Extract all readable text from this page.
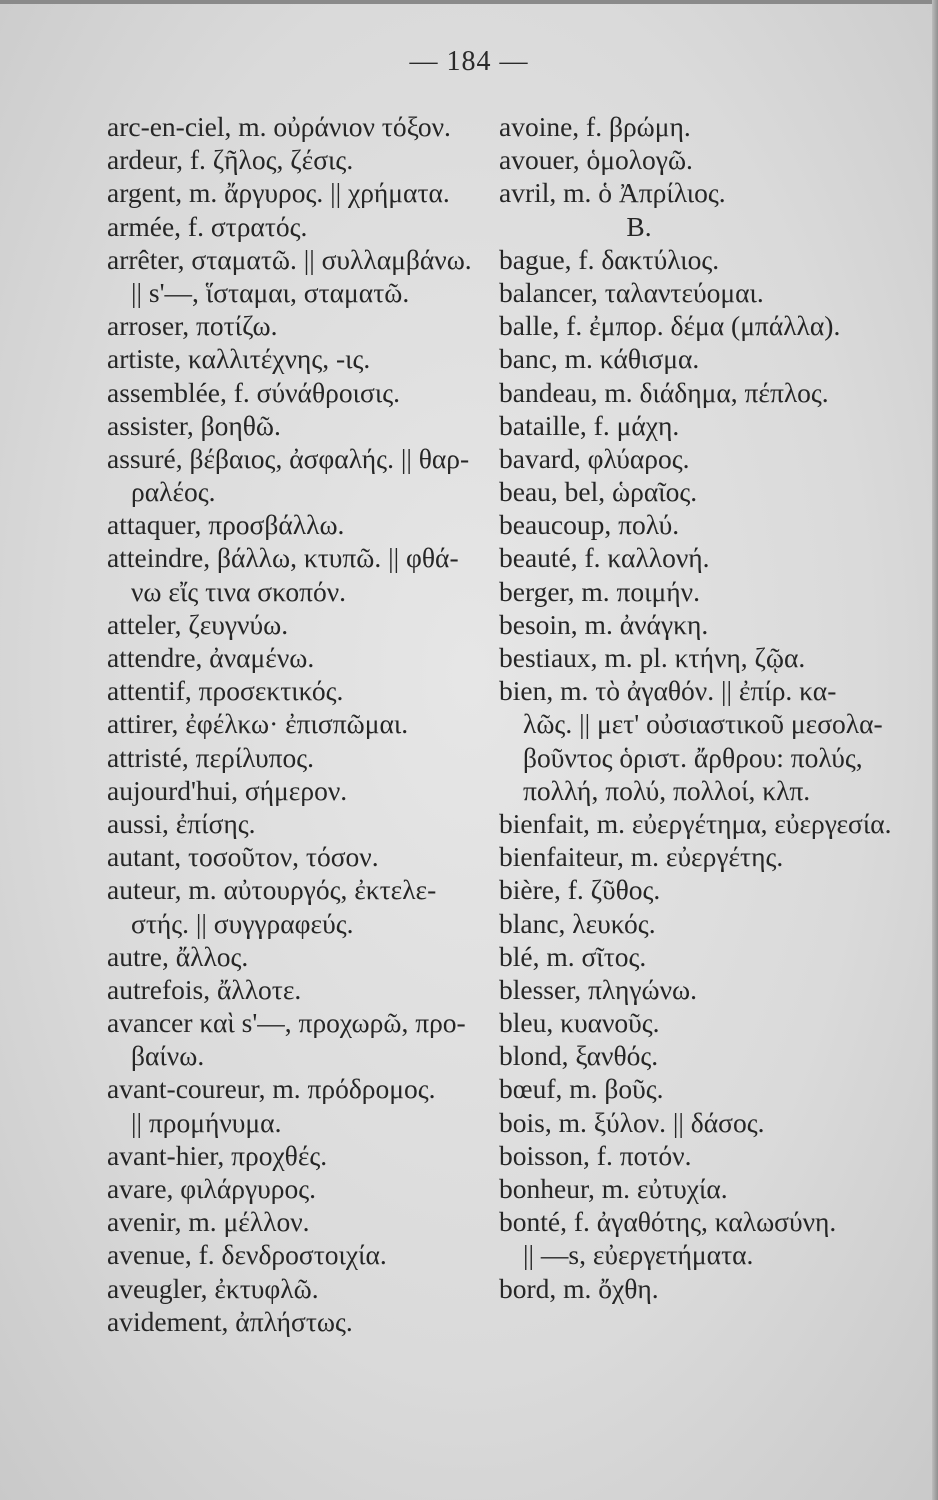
— 184 —
arc-en-ciel, m. οὐράνιον τόξον.
ardeur, f. ζῆλος, ζέσις.
argent, m. ἄργυρος. || χρήματα.
armée, f. στρατός.
arrêter, σταματῶ. || συλλαμβάνω.
|| s'—, ἵσταμαι, σταματῶ.
arroser, ποτίζω.
artiste, καλλιτέχνης, -ις.
assemblée, f. σύνάθροισις.
assister, βοηθῶ.
assuré, βέβαιος, ἀσφαλής. || θαρ-
ραλέος.
attaquer, προσβάλλω.
atteindre, βάλλω, κτυπῶ. || φθά-
νω εἴς τινα σκοπόν.
atteler, ζευγνύω.
attendre, ἀναμένω.
attentif, προσεκτικός.
attirer, ἐφέλκω· ἐπισπῶμαι.
attristé, περίλυπος.
aujourd'hui, σήμερον.
aussi, ἐπίσης.
autant, τοσοῦτον, τόσον.
auteur, m. αὐτουργός, ἐκτελε-
στής. || συγγραφεύς.
autre, ἄλλος.
autrefois, ἄλλοτε.
avancer καὶ s'—, προχωρῶ, προ-
βαίνω.
avant-coureur, m. πρόδρομος.
|| προμήνυμα.
avant-hier, προχθές.
avare, φιλάργυρος.
avenir, m. μέλλον.
avenue, f. δενδροστοιχία.
aveugler, ἐκτυφλῶ.
avidement, ἀπλήστως.
avoine, f. βρώμη.
avouer, ὁμολογῶ.
avril, m. ὁ Ἀπρίλιος.
B.
bague, f. δακτύλιος.
balancer, ταλαντεύομαι.
balle, f. ἐμπορ. δέμα (μπάλλα).
banc, m. κάθισμα.
bandeau, m. διάδημα, πέπλος.
bataille, f. μάχη.
bavard, φλύαρος.
beau, bel, ὡραῖος.
beaucoup, πολύ.
beauté, f. καλλονή.
berger, m. ποιμήν.
besoin, m. ἀνάγκη.
bestiaux, m. pl. κτήνη, ζῷα.
bien, m. τὸ ἀγαθόν. || ἐπίρ. κα-
λῶς. || μετ' οὐσιαστικοῦ μεσολα-
βοῦντος ὁριστ. ἄρθρου: πολύς,
πολλή, πολύ, πολλοί, κλπ.
bienfait, m. εὐεργέτημα, εὐεργεσία.
bienfaiteur, m. εὐεργέτης.
bière, f. ζῦθος.
blanc, λευκός.
blé, m. σῖτος.
blesser, πληγώνω.
bleu, κυανοῦς.
blond, ξανθός.
bœuf, m. βοῦς.
bois, m. ξύλον. || δάσος.
boisson, f. ποτόν.
bonheur, m. εὐτυχία.
bonté, f. ἀγαθότης, καλωσύνη.
|| —s, εὐεργετήματα.
bord, m. ὄχθη.
